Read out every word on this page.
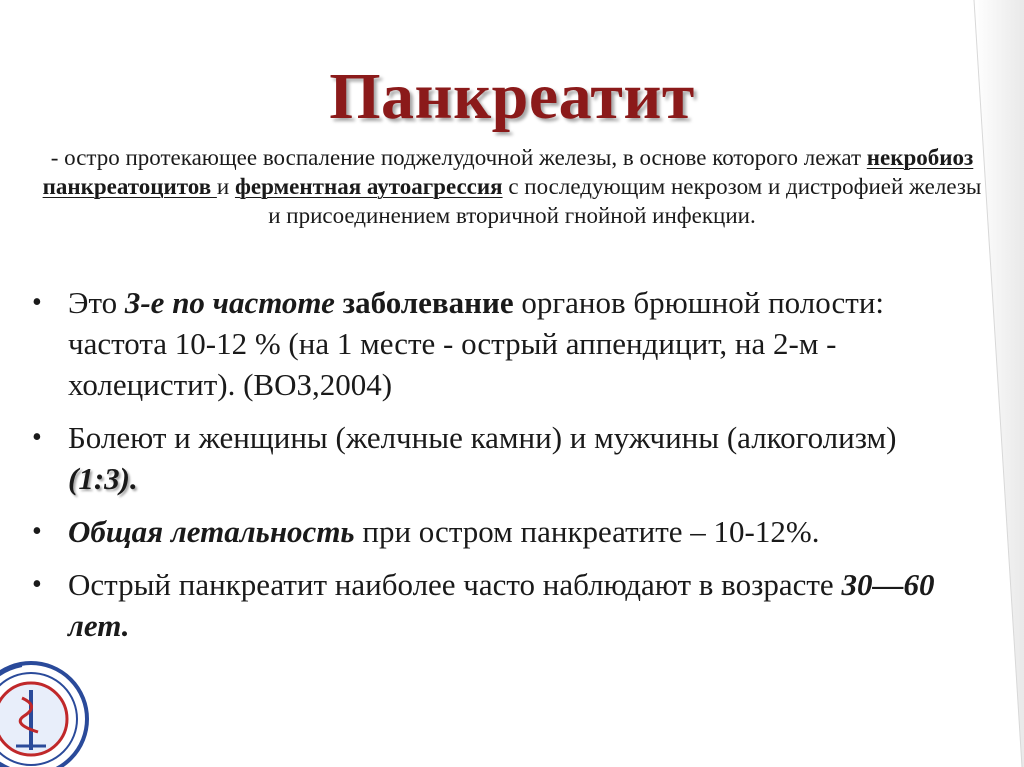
Панкреатит
- остро протекающее воспаление поджелудочной железы, в основе которого лежат некробиоз панкреатоцитов и ферментная аутоагрессия с последующим некрозом и дистрофией железы и присоединением вторичной гнойной инфекции.
• Это 3-е по частоте заболевание органов брюшной полости: частота 10-12 % (на 1 месте - острый аппендицит, на 2-м - холецистит). (ВОЗ,2004)
• Болеют и женщины (желчные камни) и мужчины (алкоголизм) (1:3).
• Общая летальность при остром панкреатите – 10-12%.
• Острый панкреатит наиболее часто наблюдают в возрасте 30—60 лет.
